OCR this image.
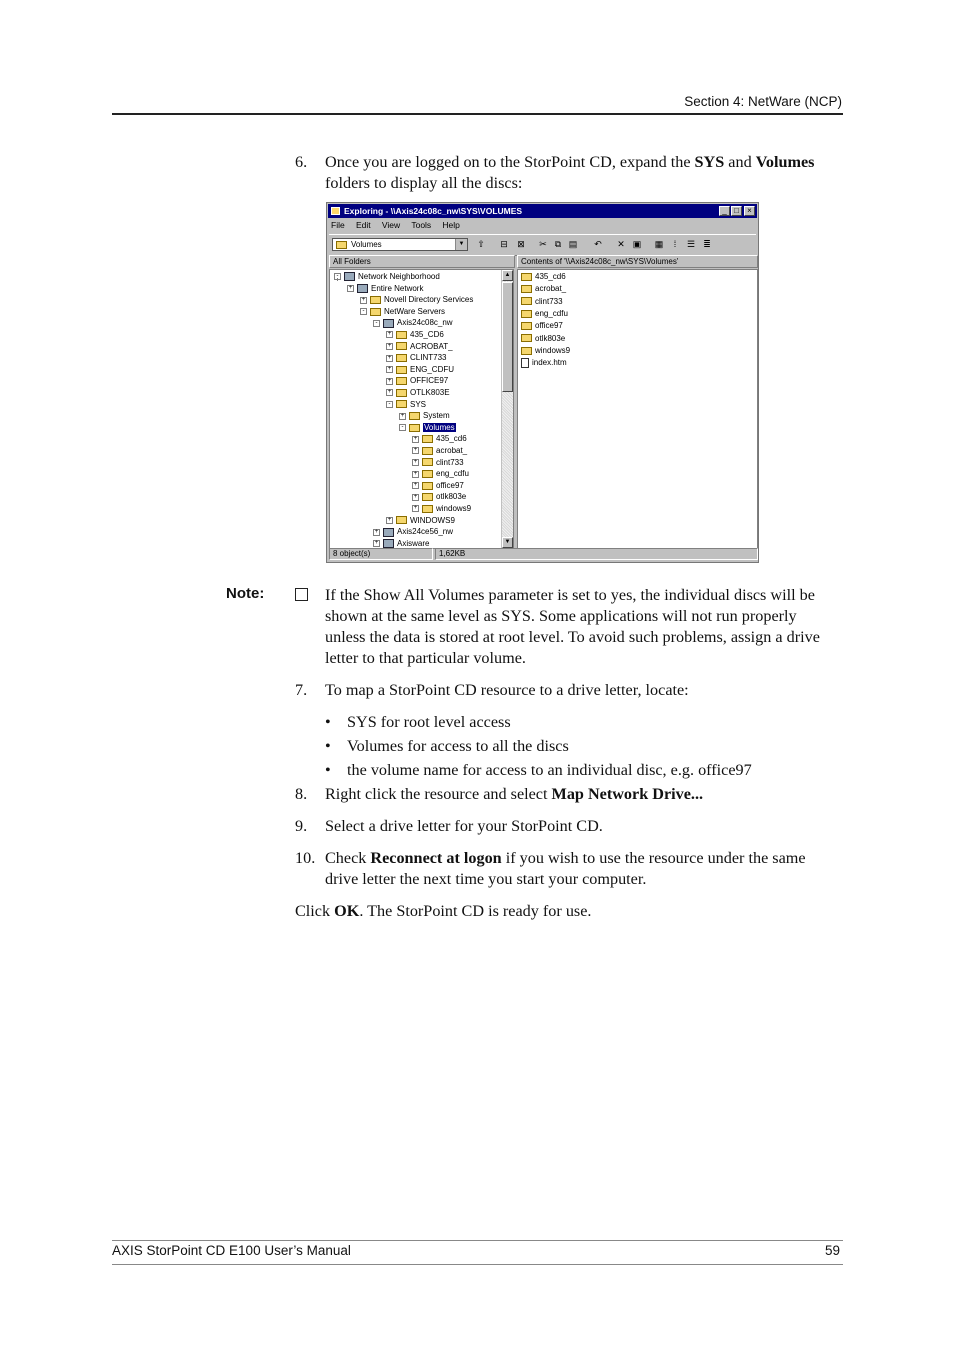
Section 4: NetWare (NCP)
6. Once you are logged on to the StorPoint CD, expand the SYS and Volumes folders to display all the discs:
Exploring - \\Axis24c08c_nw\SYS\VOLUMES	_ □	×
File Edit View Tools Help
Volumes	▼	⇧	⊟	⊠	✂ ⧉ ▤	↶	✕ ▣	▦	⁞	☰ ≣
All Folders	Contents of '\\Axis24c08c_nw\SYS\Volumes'
- Network Neighborhood
+ Entire Network
+ Novell Directory Services
- NetWare Servers
- Axis24c08c_nw
+ 435_CD6
+ ACROBAT_
+ CLINT733
+ ENG_CDFU
+ OFFICE97
+ OTLK803E
- SYS
+ System
-	Volumes
+ 435_cd6
+ acrobat_
+ clint733
+ eng_cdfu
+ office97
+ otlk803e
+ windows9
+ WINDOWS9
+ Axis24ce56_nw
+ Axisware
▲
▼
435_cd6
acrobat_
clint733
eng_cdfu
office97
otlk803e
windows9
index.htm
8 object(s)	1,62KB
Note:	If the Show All Volumes parameter is set to yes, the individual discs will be shown at the same level as SYS. Some applications will not run properly unless the data is stored at root level. To avoid such problems, assign a drive letter to that particular volume.
7. To map a StorPoint CD resource to a drive letter, locate:
• SYS for root level access
• Volumes for access to all the discs
• the volume name for access to an individual disc, e.g. office97
8. Right click the resource and select Map Network Drive...
9. Select a drive letter for your StorPoint CD.
10. Check Reconnect at logon if you wish to use the resource under the same drive letter the next time you start your computer.
Click OK. The StorPoint CD is ready for use.
AXIS StorPoint CD E100 User’s Manual	59
